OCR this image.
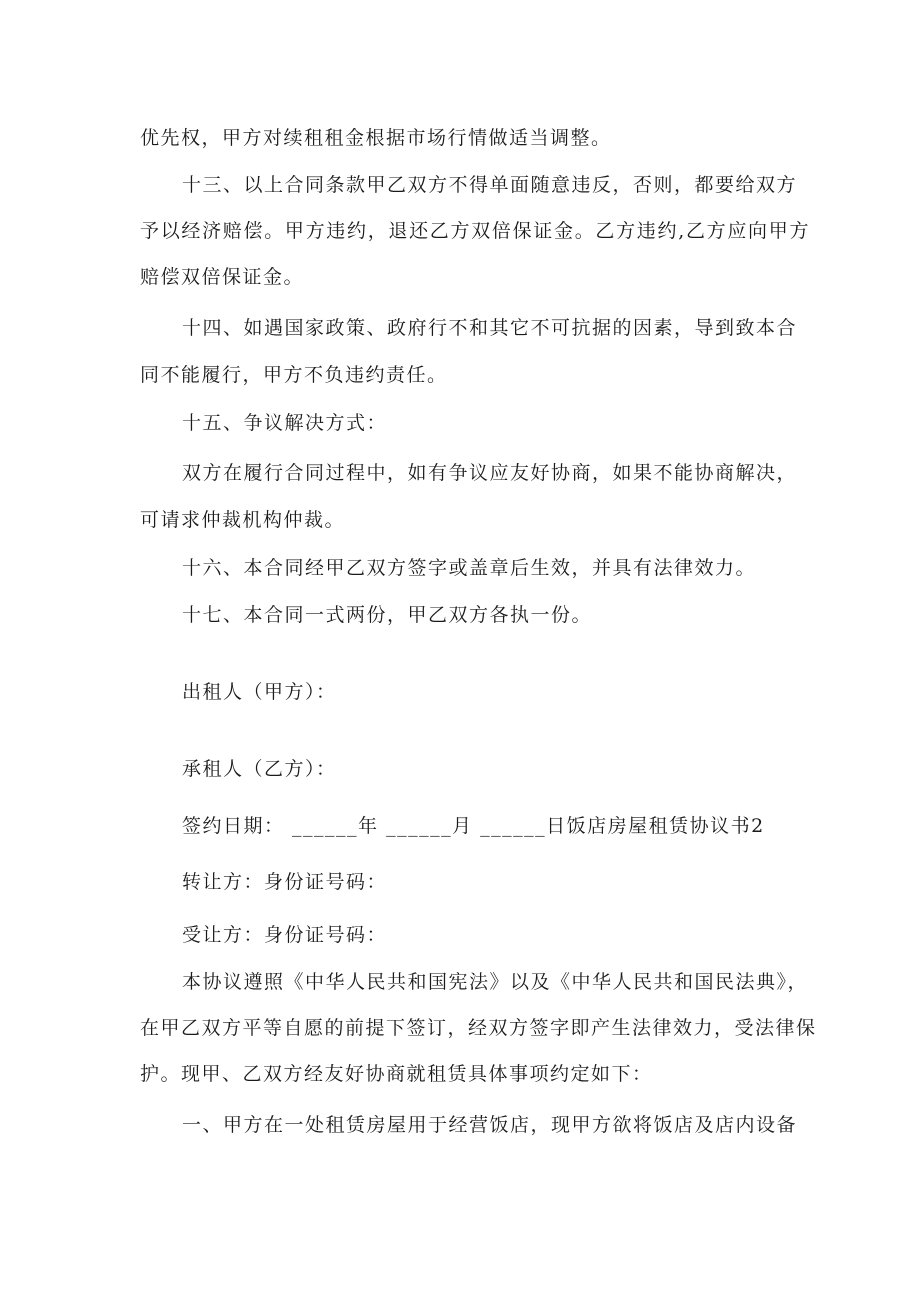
优先权，甲方对续租租金根据市场行情做适当调整。
十三、以上合同条款甲乙双方不得单面随意违反，否则，都要给双方
予以经济赔偿。甲方违约，退还乙方双倍保证金。乙方违约,乙方应向甲方
赔偿双倍保证金。
十四、如遇国家政策、政府行不和其它不可抗据的因素，导到致本合
同不能履行，甲方不负违约责任。
十五、争议解决方式：
双方在履行合同过程中，如有争议应友好协商，如果不能协商解决，
可请求仲裁机构仲裁。
十六、本合同经甲乙双方签字或盖章后生效，并具有法律效力。
十七、本合同一式两份，甲乙双方各执一份。
出租人（甲方）：
承租人（乙方）：
签约日期： ______年 ______月 ______日饭店房屋租赁协议书2
转让方：身份证号码：
受让方：身份证号码：
本协议遵照《中华人民共和国宪法》以及《中华人民共和国民法典》，
在甲乙双方平等自愿的前提下签订，经双方签字即产生法律效力，受法律保
护。现甲、乙双方经友好协商就租赁具体事项约定如下：
一、甲方在一处租赁房屋用于经营饭店，现甲方欲将饭店及店内设备
